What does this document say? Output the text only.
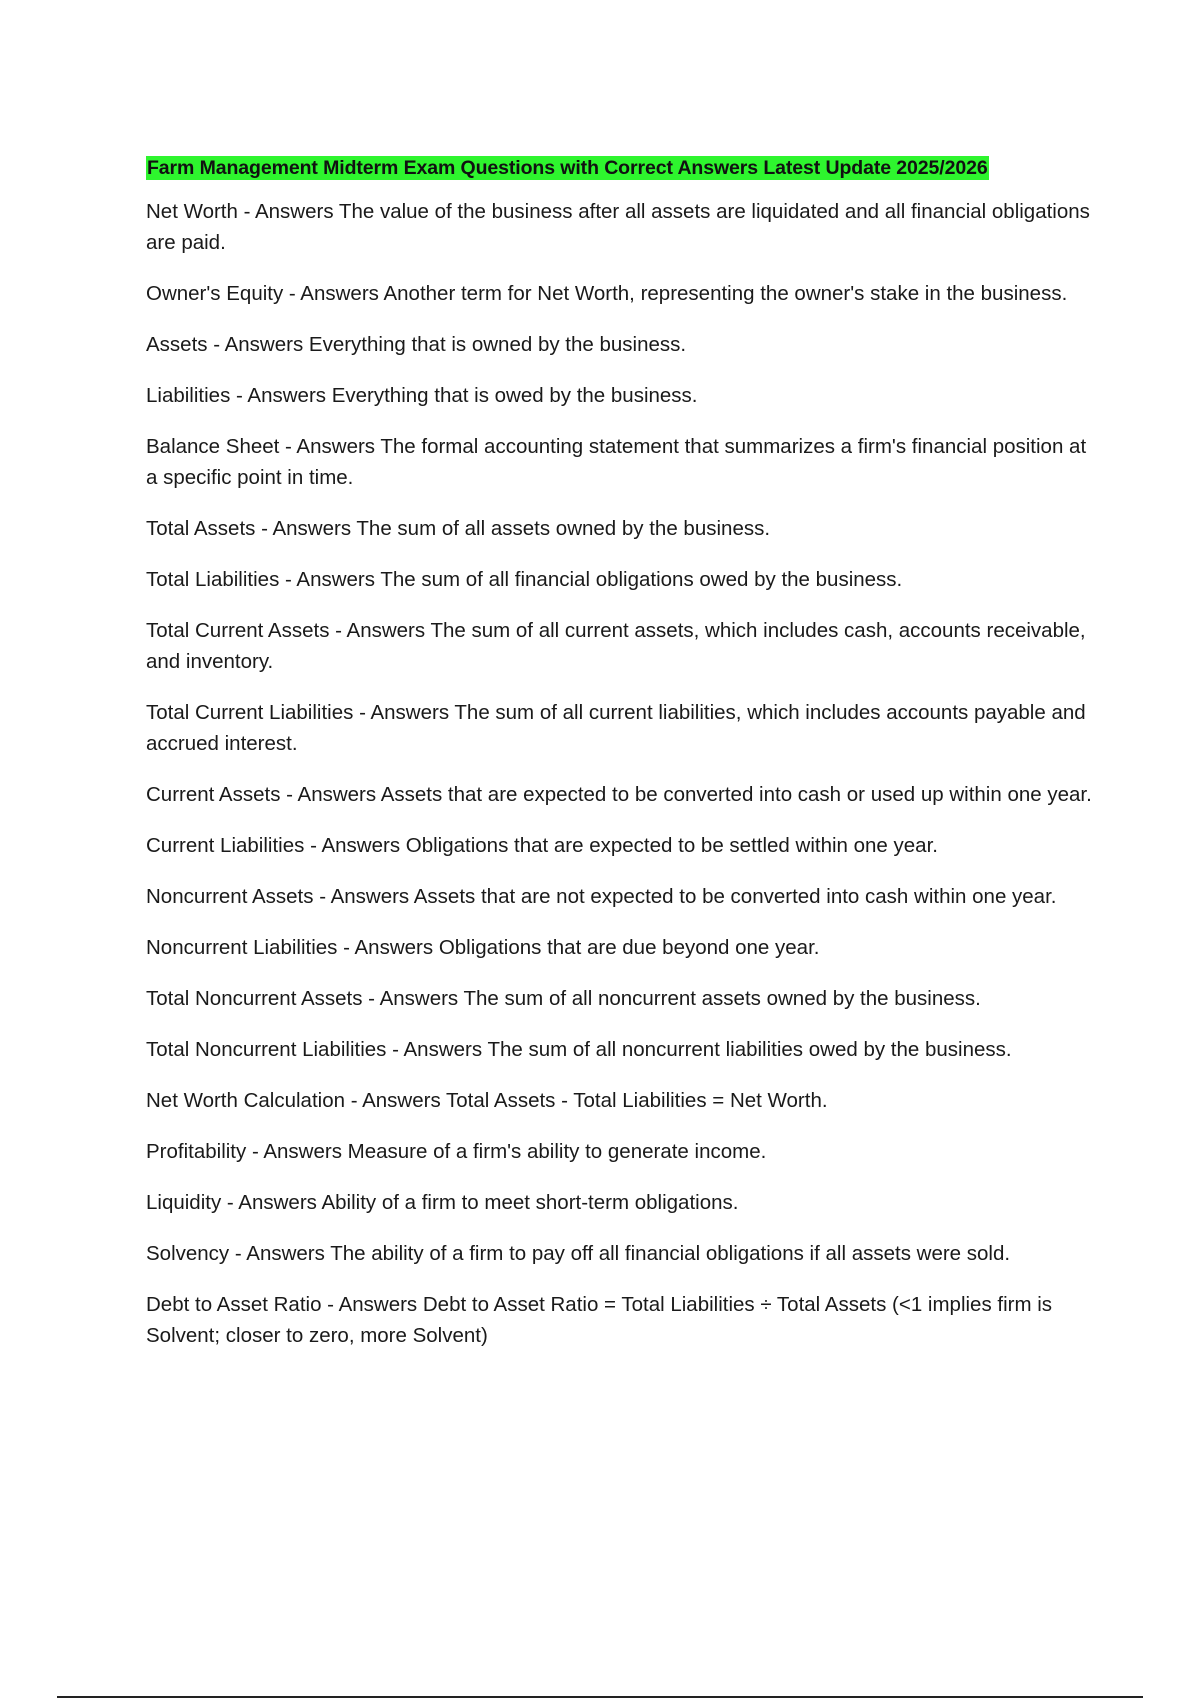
Farm Management Midterm Exam Questions with Correct Answers Latest Update 2025/2026
Net Worth - Answers The value of the business after all assets are liquidated and all financial obligations are paid.
Owner's Equity - Answers Another term for Net Worth, representing the owner's stake in the business.
Assets - Answers Everything that is owned by the business.
Liabilities - Answers Everything that is owed by the business.
Balance Sheet - Answers The formal accounting statement that summarizes a firm's financial position at a specific point in time.
Total Assets - Answers The sum of all assets owned by the business.
Total Liabilities - Answers The sum of all financial obligations owed by the business.
Total Current Assets - Answers The sum of all current assets, which includes cash, accounts receivable, and inventory.
Total Current Liabilities - Answers The sum of all current liabilities, which includes accounts payable and accrued interest.
Current Assets - Answers Assets that are expected to be converted into cash or used up within one year.
Current Liabilities - Answers Obligations that are expected to be settled within one year.
Noncurrent Assets - Answers Assets that are not expected to be converted into cash within one year.
Noncurrent Liabilities - Answers Obligations that are due beyond one year.
Total Noncurrent Assets - Answers The sum of all noncurrent assets owned by the business.
Total Noncurrent Liabilities - Answers The sum of all noncurrent liabilities owed by the business.
Net Worth Calculation - Answers Total Assets - Total Liabilities = Net Worth.
Profitability - Answers Measure of a firm's ability to generate income.
Liquidity - Answers Ability of a firm to meet short-term obligations.
Solvency - Answers The ability of a firm to pay off all financial obligations if all assets were sold.
Debt to Asset Ratio - Answers Debt to Asset Ratio = Total Liabilities ÷ Total Assets (<1 implies firm is Solvent; closer to zero, more Solvent)
